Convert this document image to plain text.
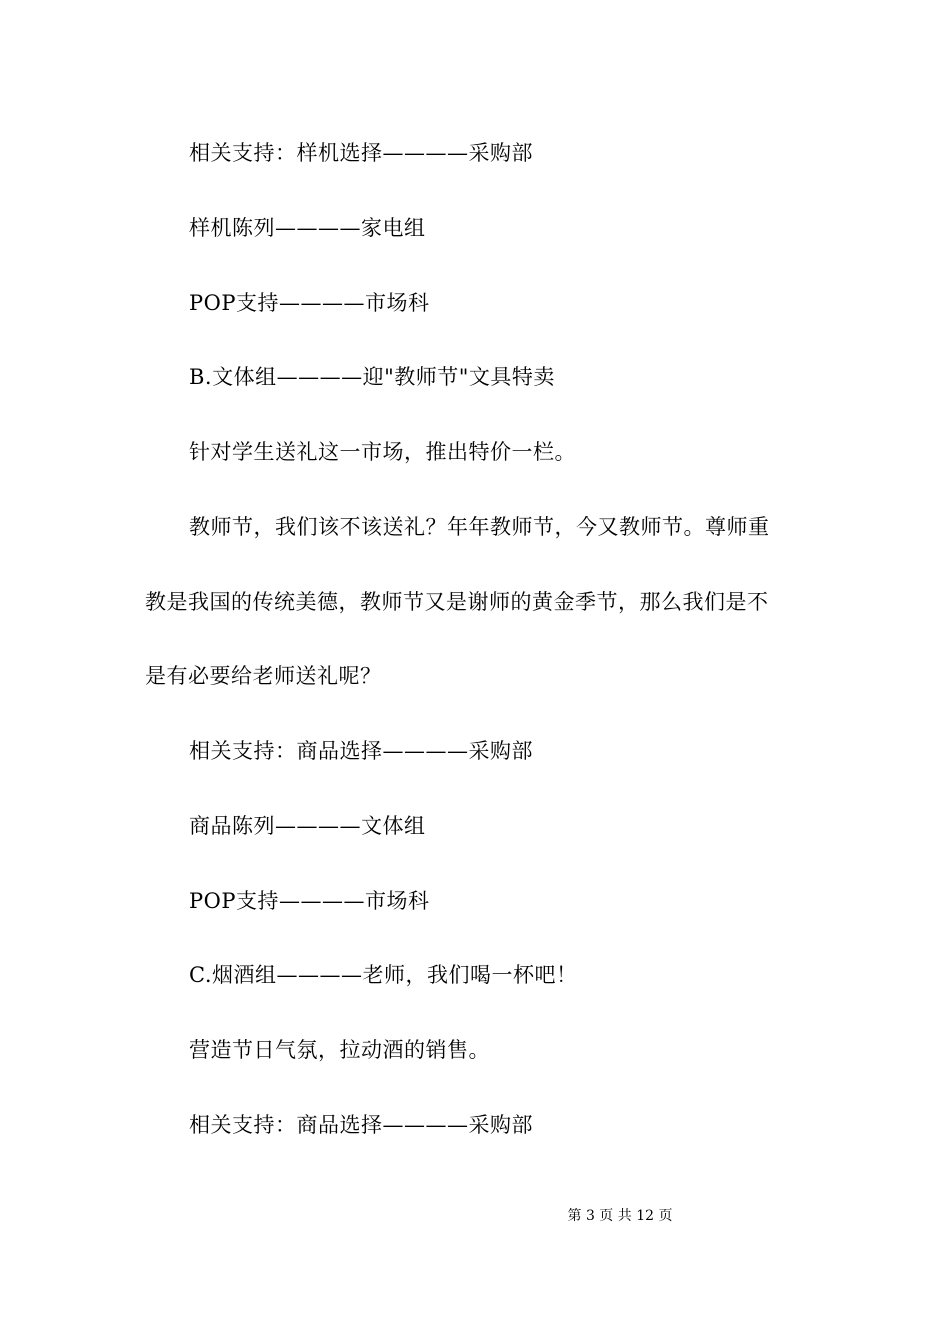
相关支持：样机选择————采购部
样机陈列————家电组
POP支持————市场科
B.文体组————迎"教师节"文具特卖
针对学生送礼这一市场，推出特价一栏。
教师节，我们该不该送礼？年年教师节，今又教师节。尊师重
教是我国的传统美德，教师节又是谢师的黄金季节，那么我们是不
是有必要给老师送礼呢？
相关支持：商品选择————采购部
商品陈列————文体组
POP支持————市场科
C.烟酒组————老师，我们喝一杯吧！
营造节日气氛，拉动酒的销售。
相关支持：商品选择————采购部
第 3 页 共 12 页
